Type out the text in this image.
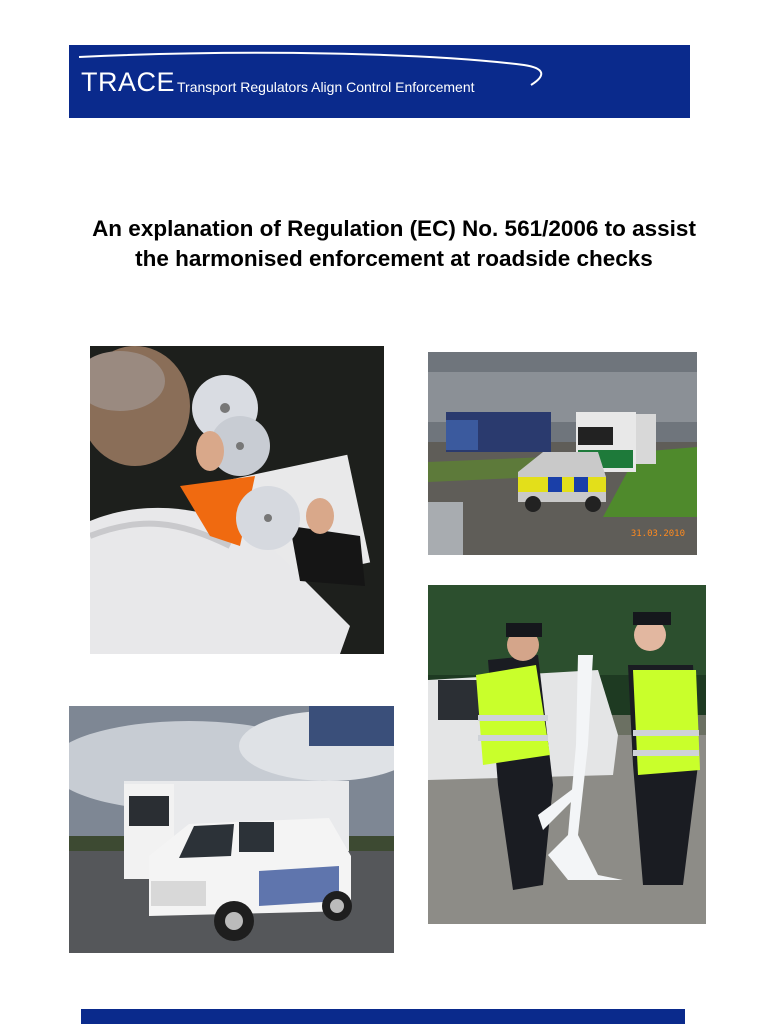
TRACE Transport Regulators Align Control Enforcement
An explanation of Regulation (EC) No. 561/2006 to assist the harmonised enforcement at roadside checks
31.03.2010
